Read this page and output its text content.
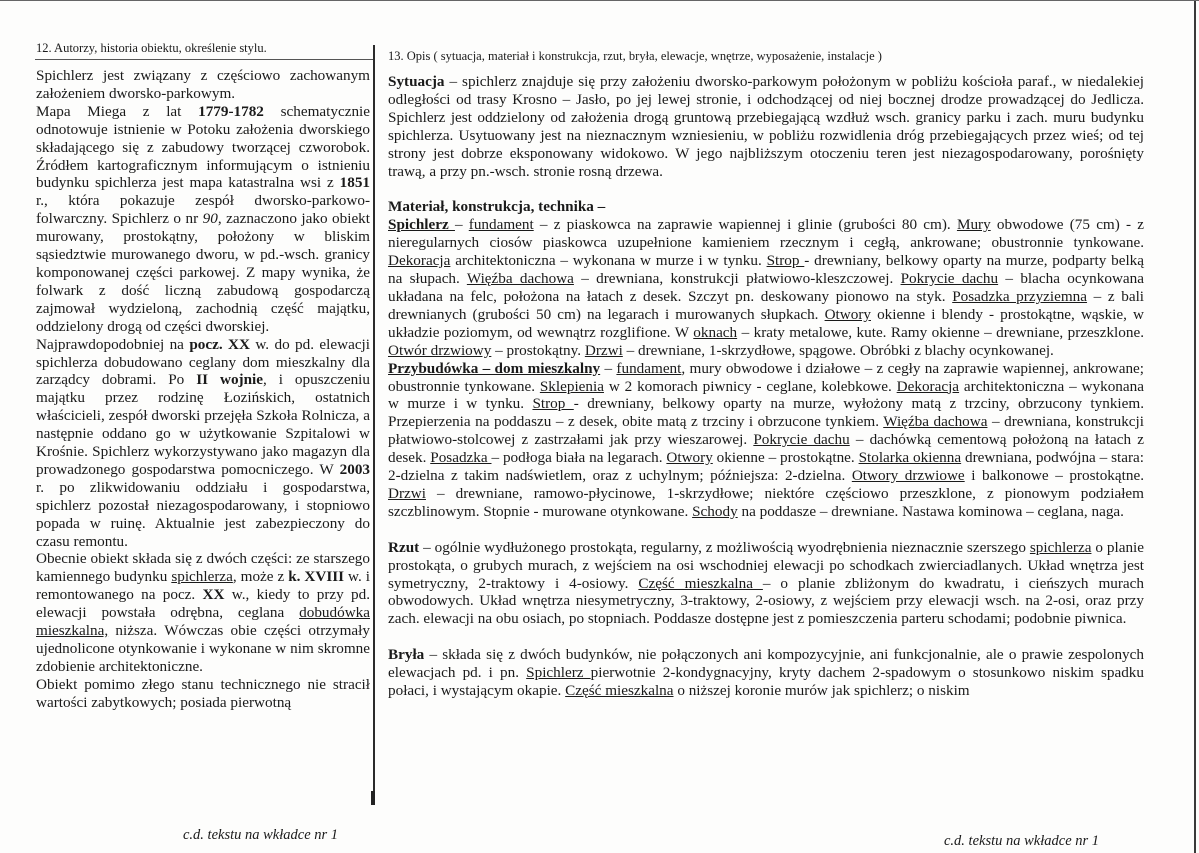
12. Autorzy, historia obiektu, określenie stylu.
13. Opis ( sytuacja, materiał i konstrukcja, rzut, bryła, elewacje, wnętrze, wyposażenie, instalacje )

Spichlerz jest związany z częściowo zachowanym założeniem dworsko-parkowym.

Mapa Miega z lat 1779-1782 schematycznie odnotowuje istnienie w Potoku założenia dworskiego składającego się z zabudowy tworzącej czworobok. Źródłem kartograficznym informującym o istnieniu budynku spichlerza jest mapa katastralna wsi z 1851 r., która pokazuje zespół dworsko-parkowo-folwarczny. Spichlerz o nr 90, zaznaczono jako obiekt murowany, prostokątny, położony w bliskim sąsiedztwie murowanego dworu, w pd.-wsch. granicy komponowanej części parkowej. Z mapy wynika, że folwark z dość liczną zabudową gospodarczą zajmował wydzieloną, zachodnią część majątku, oddzielony drogą od części dworskiej.

Najprawdopodobniej na pocz. XX w. do pd. elewacji spichlerza dobudowano ceglany dom mieszkalny dla zarządcy dobrami. Po II wojnie, i opuszczeniu majątku przez rodzinę Łozińskich, ostatnich właścicieli, zespół dworski przejęła Szkoła Rolnicza, a następnie oddano go w użytkowanie Szpitalowi w Krośnie. Spichlerz wykorzystywano jako magazyn dla prowadzonego gospodarstwa pomocniczego. W 2003 r. po zlikwidowaniu oddziału i gospodarstwa, spichlerz pozostał niezagospodarowany, i stopniowo popada w ruinę. Aktualnie jest zabezpieczony do czasu remontu.

Obecnie obiekt składa się z dwóch części: ze starszego kamiennego budynku spichlerza, może z k. XVIII w. i remontowanego na pocz. XX w., kiedy to przy pd. elewacji powstała odrębna, ceglana dobudówka mieszkalna, niższa. Wówczas obie części otrzymały ujednolicone otynkowanie i wykonane w nim skromne zdobienie architektoniczne.

Obiekt pomimo złego stanu technicznego nie stracił wartości zabytkowych; posiada pierwotną

Sytuacja – spichlerz znajduje się przy założeniu dworsko-parkowym położonym w pobliżu kościoła paraf., w niedalekiej odległości od trasy Krosno – Jasło, po jej lewej stronie, i odchodzącej od niej bocznej drodze prowadzącej do Jedlicza. Spichlerz jest oddzielony od założenia drogą gruntową przebiegającą wzdłuż wsch. granicy parku i zach. muru budynku spichlerza. Usytuowany jest na nieznacznym wzniesieniu, w pobliżu rozwidlenia dróg przebiegających przez wieś; od tej strony jest dobrze eksponowany widokowo. W jego najbliższym otoczeniu teren jest niezagospodarowany, porośnięty trawą, a przy pn.-wsch. stronie rosną drzewa.

Materiał, konstrukcja, technika –

Spichlerz – fundament – z piaskowca na zaprawie wapiennej i glinie (grubości 80 cm). Mury obwodowe (75 cm) - z nieregularnych ciosów piaskowca uzupełnione kamieniem rzecznym i cegłą, ankrowane; obustronnie tynkowane. Dekoracja architektoniczna – wykonana w murze i w tynku. Strop - drewniany, belkowy oparty na murze, podparty belką na słupach. Więźba dachowa – drewniana, konstrukcji płatwiowo-kleszczowej. Pokrycie dachu – blacha ocynkowana układana na felc, położona na łatach z desek. Szczyt pn. deskowany pionowo na styk. Posadzka przyziemna – z bali drewnianych (grubości 50 cm) na legarach i murowanych słupkach. Otwory okienne i blendy - prostokątne, wąskie, w układzie poziomym, od wewnątrz rozglifione. W oknach – kraty metalowe, kute. Ramy okienne – drewniane, przeszklone. Otwór drzwiowy – prostokątny. Drzwi – drewniane, 1-skrzydłowe, spągowe. Obróbki z blachy ocynkowanej.

Przybudówka – dom mieszkalny – fundament, mury obwodowe i działowe – z cegły na zaprawie wapiennej, ankrowane; obustronnie tynkowane. Sklepienia w 2 komorach piwnicy - ceglane, kolebkowe. Dekoracja architektoniczna – wykonana w murze i w tynku. Strop - drewniany, belkowy oparty na murze, wyłożony matą z trzciny, obrzucony tynkiem. Przepierzenia na poddaszu – z desek, obite matą z trzciny i obrzucone tynkiem. Więźba dachowa – drewniana, konstrukcji płatwiowo-stolcowej z zastrzałami jak przy wieszarowej. Pokrycie dachu – dachówką cementową położoną na łatach z desek. Posadzka – podłoga biała na legarach. Otwory okienne – prostokątne. Stolarka okienna drewniana, podwójna – stara: 2-dzielna z takim nadświetlem, oraz z uchylnym; późniejsza: 2-dzielna. Otwory drzwiowe i balkonowe – prostokątne. Drzwi – drewniane, ramowo-płycinowe, 1-skrzydłowe; niektóre częściowo przeszklone, z pionowym podziałem szczblinowym. Stopnie - murowane otynkowane. Schody na poddasze – drewniane. Nastawa kominowa – ceglana, naga.

Rzut – ogólnie wydłużonego prostokąta, regularny, z możliwością wyodrębnienia nieznacznie szerszego spichlerza o planie prostokąta, o grubych murach, z wejściem na osi wschodniej elewacji po schodkach zwierciadlanych. Układ wnętrza jest symetryczny, 2-traktowy i 4-osiowy. Część mieszkalna – o planie zbliżonym do kwadratu, i cieńszych murach obwodowych. Układ wnętrza niesymetryczny, 3-traktowy, 2-osiowy, z wejściem przy elewacji wsch. na 2-osi, oraz przy zach. elewacji na obu osiach, po stopniach. Poddasze dostępne jest z pomieszczenia parteru schodami; podobnie piwnica.

Bryła – składa się z dwóch budynków, nie połączonych ani kompozycyjnie, ani funkcjonalnie, ale o prawie zespolonych elewacjach pd. i pn. Spichlerz pierwotnie 2-kondygnacyjny, kryty dachem 2-spadowym o stosunkowo niskim spadku połaci, i wystającym okapie. Część mieszkalna o niższej koronie murów jak spichlerz; o niskim

c.d. tekstu na wkładce nr 1	c.d. tekstu na wkładce nr 1
